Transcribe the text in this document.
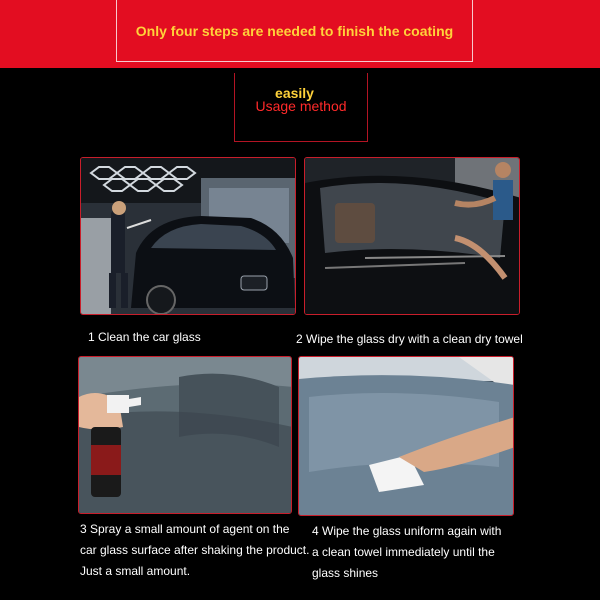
Only four steps are needed to finish the coating easily
Usage method
1 Clean the car glass	2 Wipe the glass dry with a clean dry towel
3 Spray a small amount of agent on the
car glass surface after shaking the product.
Just a small amount.
4 Wipe the glass uniform again with
a clean towel immediately until the
glass shines
